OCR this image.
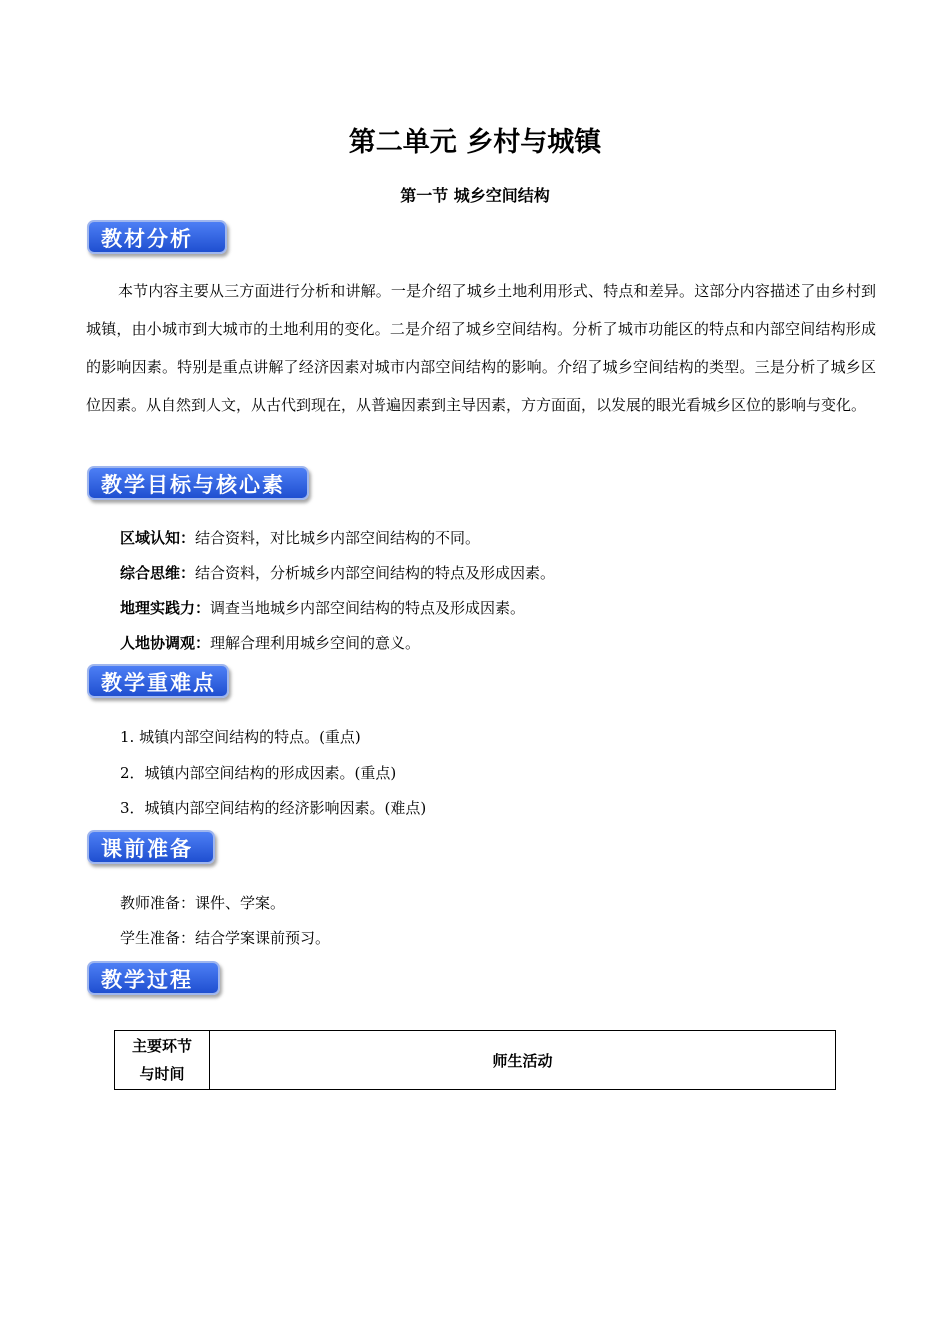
第二单元 乡村与城镇
第一节 城乡空间结构
教材分析

本节内容主要从三方面进行分析和讲解。一是介绍了城乡土地利用形式、特点和差异。这部分内容描述了由乡村到城镇，由小城市到大城市的土地利用的变化。二是介绍了城乡空间结构。分析了城市功能区的特点和内部空间结构形成的影响因素。特别是重点讲解了经济因素对城市内部空间结构的影响。介绍了城乡空间结构的类型。三是分析了城乡区位因素。从自然到人文，从古代到现在，从普遍因素到主导因素，方方面面，以发展的眼光看城乡区位的影响与变化。

教学目标与核心素养
区域认知：结合资料，对比城乡内部空间结构的不同。
综合思维：结合资料，分析城乡内部空间结构的特点及形成因素。
地理实践力：调查当地城乡内部空间结构的特点及形成因素。
人地协调观：理解合理利用城乡空间的意义。
教学重难点
1. 城镇内部空间结构的特点。(重点)
2．城镇内部空间结构的形成因素。(重点)
3．城镇内部空间结构的经济影响因素。(难点)
课前准备
教师准备：课件、学案。
学生准备：结合学案课前预习。
教学过程
主要环节
与时间
	师生活动
